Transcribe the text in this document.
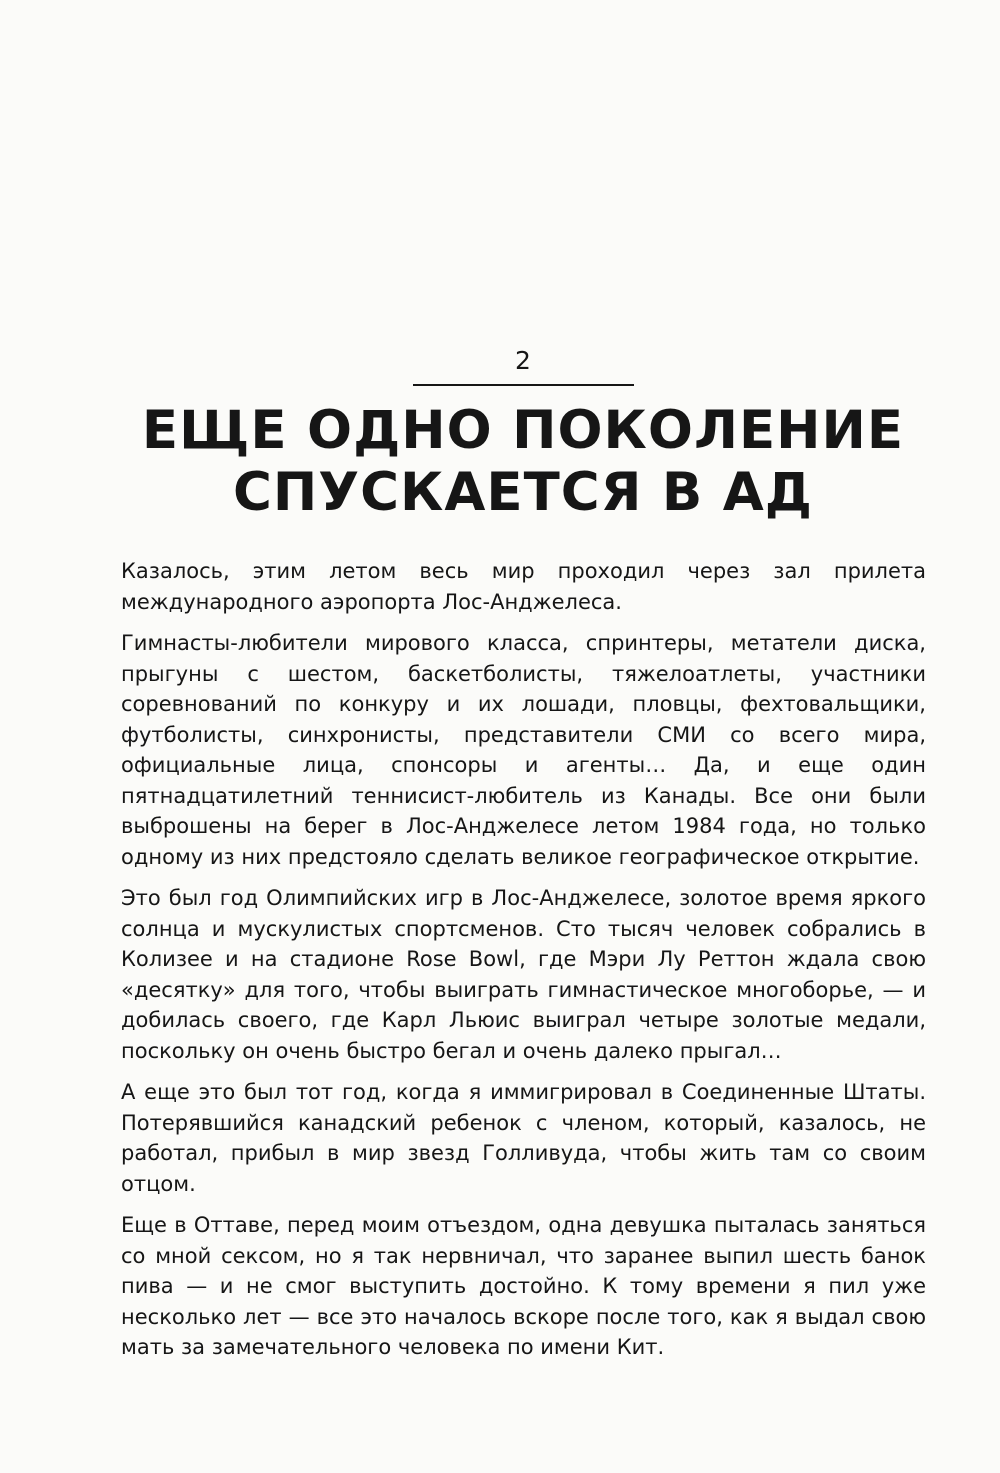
2
ЕЩЕ ОДНО ПОКОЛЕНИЕ
СПУСКАЕТСЯ В АД

Казалось, этим летом весь мир проходил через зал прилета международного аэропорта Лос-Анджелеса.

Гимнасты-любители мирового класса, спринтеры, метатели диска, прыгуны с шестом, баскетболисты, тяжелоатлеты, участники соревнований по конкуру и их лошади, пловцы, фехтовальщики, футболисты, синхронисты, представители СМИ со всего мира, официальные лица, спонсоры и агенты… Да, и еще один пятнадцатилетний теннисист-любитель из Канады. Все они были выброшены на берег в Лос-Анджелесе летом 1984 года, но только одному из них предстояло сделать великое географическое открытие.

Это был год Олимпийских игр в Лос-Анджелесе, золотое время яркого солнца и мускулистых спортсменов. Сто тысяч человек собрались в Колизее и на стадионе Rose Bowl, где Мэри Лу Реттон ждала свою «десятку» для того, чтобы выиграть гимнастическое многоборье, — и добилась своего, где Карл Льюис выиграл четыре золотые медали, поскольку он очень быстро бегал и очень далеко прыгал…

А еще это был тот год, когда я иммигрировал в Соединенные Штаты. Потерявшийся канадский ребенок с членом, который, казалось, не работал, прибыл в мир звезд Голливуда, чтобы жить там со своим отцом.

Еще в Оттаве, перед моим отъездом, одна девушка пыталась заняться со мной сексом, но я так нервничал, что заранее выпил шесть банок пива — и не смог выступить достойно. К тому времени я пил уже несколько лет — все это началось вскоре после того, как я выдал свою мать за замечательного человека по имени Кит.
